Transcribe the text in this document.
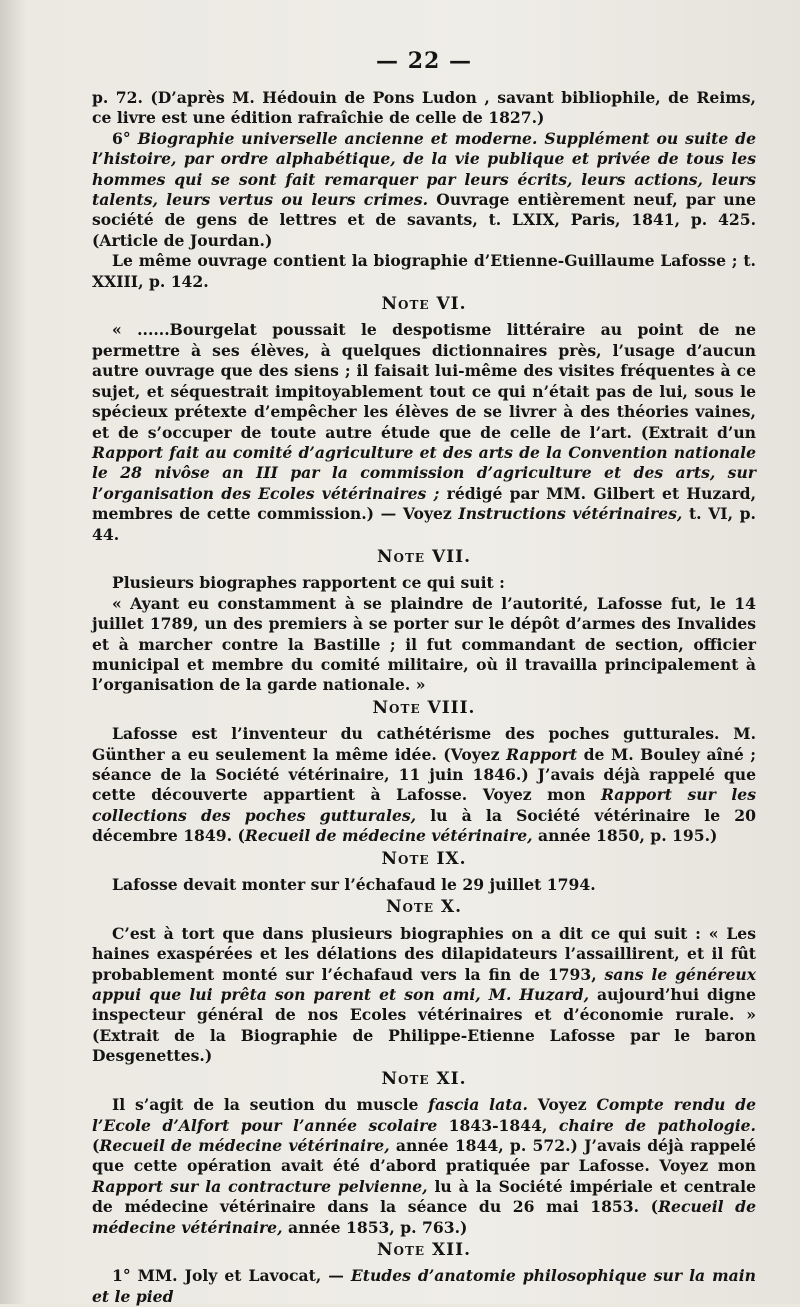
— 22 —

p. 72. (D’après M. Hédouin de Pons Ludon , savant bibliophile, de Reims, ce livre est une édition rafraîchie de celle de 1827.)

6° Biographie universelle ancienne et moderne. Supplément ou suite de l’histoire, par ordre alphabétique, de la vie publique et privée de tous les hommes qui se sont fait remarquer par leurs écrits, leurs actions, leurs talents, leurs vertus ou leurs crimes. Ouvrage entièrement neuf, par une société de gens de lettres et de savants, t. LXIX, Paris, 1841, p. 425. (Article de Jourdan.)

Le même ouvrage contient la biographie d’Etienne-Guillaume Lafosse ; t. XXIII, p. 142.

Note VI.

« ......Bourgelat poussait le despotisme littéraire au point de ne permettre à ses élèves, à quelques dictionnaires près, l’usage d’aucun autre ouvrage que des siens ; il faisait lui-même des visites fréquentes à ce sujet, et séquestrait impitoyablement tout ce qui n’était pas de lui, sous le spécieux prétexte d’empêcher les élèves de se livrer à des théories vaines, et de s’occuper de toute autre étude que de celle de l’art. (Extrait d’un Rapport fait au comité d’agriculture et des arts de la Convention nationale le 28 nivôse an III par la commission d’agriculture et des arts, sur l’organisation des Ecoles vétérinaires ; rédigé par MM. Gilbert et Huzard, membres de cette commission.) — Voyez Instructions vétérinaires, t. VI, p. 44.

Note VII.

Plusieurs biographes rapportent ce qui suit :

« Ayant eu constamment à se plaindre de l’autorité, Lafosse fut, le 14 juillet 1789, un des premiers à se porter sur le dépôt d’armes des Invalides et à marcher contre la Bastille ; il fut commandant de section, officier municipal et membre du comité militaire, où il travailla principalement à l’organisation de la garde nationale. »

Note VIII.

Lafosse est l’inventeur du cathétérisme des poches gutturales. M. Günther a eu seulement la même idée. (Voyez Rapport de M. Bouley aîné ; séance de la Société vétérinaire, 11 juin 1846.) J’avais déjà rappelé que cette découverte appartient à Lafosse. Voyez mon Rapport sur les collections des poches gutturales, lu à la Société vétérinaire le 20 décembre 1849. (Recueil de médecine vétérinaire, année 1850, p. 195.)

Note IX.

Lafosse devait monter sur l’échafaud le 29 juillet 1794.

Note X.

C’est à tort que dans plusieurs biographies on a dit ce qui suit : « Les haines exaspérées et les délations des dilapidateurs l’assaillirent, et il fût probablement monté sur l’échafaud vers la fin de 1793, sans le généreux appui que lui prêta son parent et son ami, M. Huzard, aujourd’hui digne inspecteur général de nos Ecoles vétérinaires et d’économie rurale. » (Extrait de la Biographie de Philippe-Etienne Lafosse par le baron Desgenettes.)

Note XI.

Il s’agit de la seution du muscle fascia lata. Voyez Compte rendu de l’Ecole d’Alfort pour l’année scolaire 1843-1844, chaire de pathologie. (Recueil de médecine vétérinaire, année 1844, p. 572.) J’avais déjà rappelé que cette opération avait été d’abord pratiquée par Lafosse. Voyez mon Rapport sur la contracture pelvienne, lu à la Société impériale et centrale de médecine vétérinaire dans la séance du 26 mai 1853. (Recueil de médecine vétérinaire, année 1853, p. 763.)

Note XII.

1° MM. Joly et Lavocat, — Etudes d’anatomie philosophique sur la main et le pied
